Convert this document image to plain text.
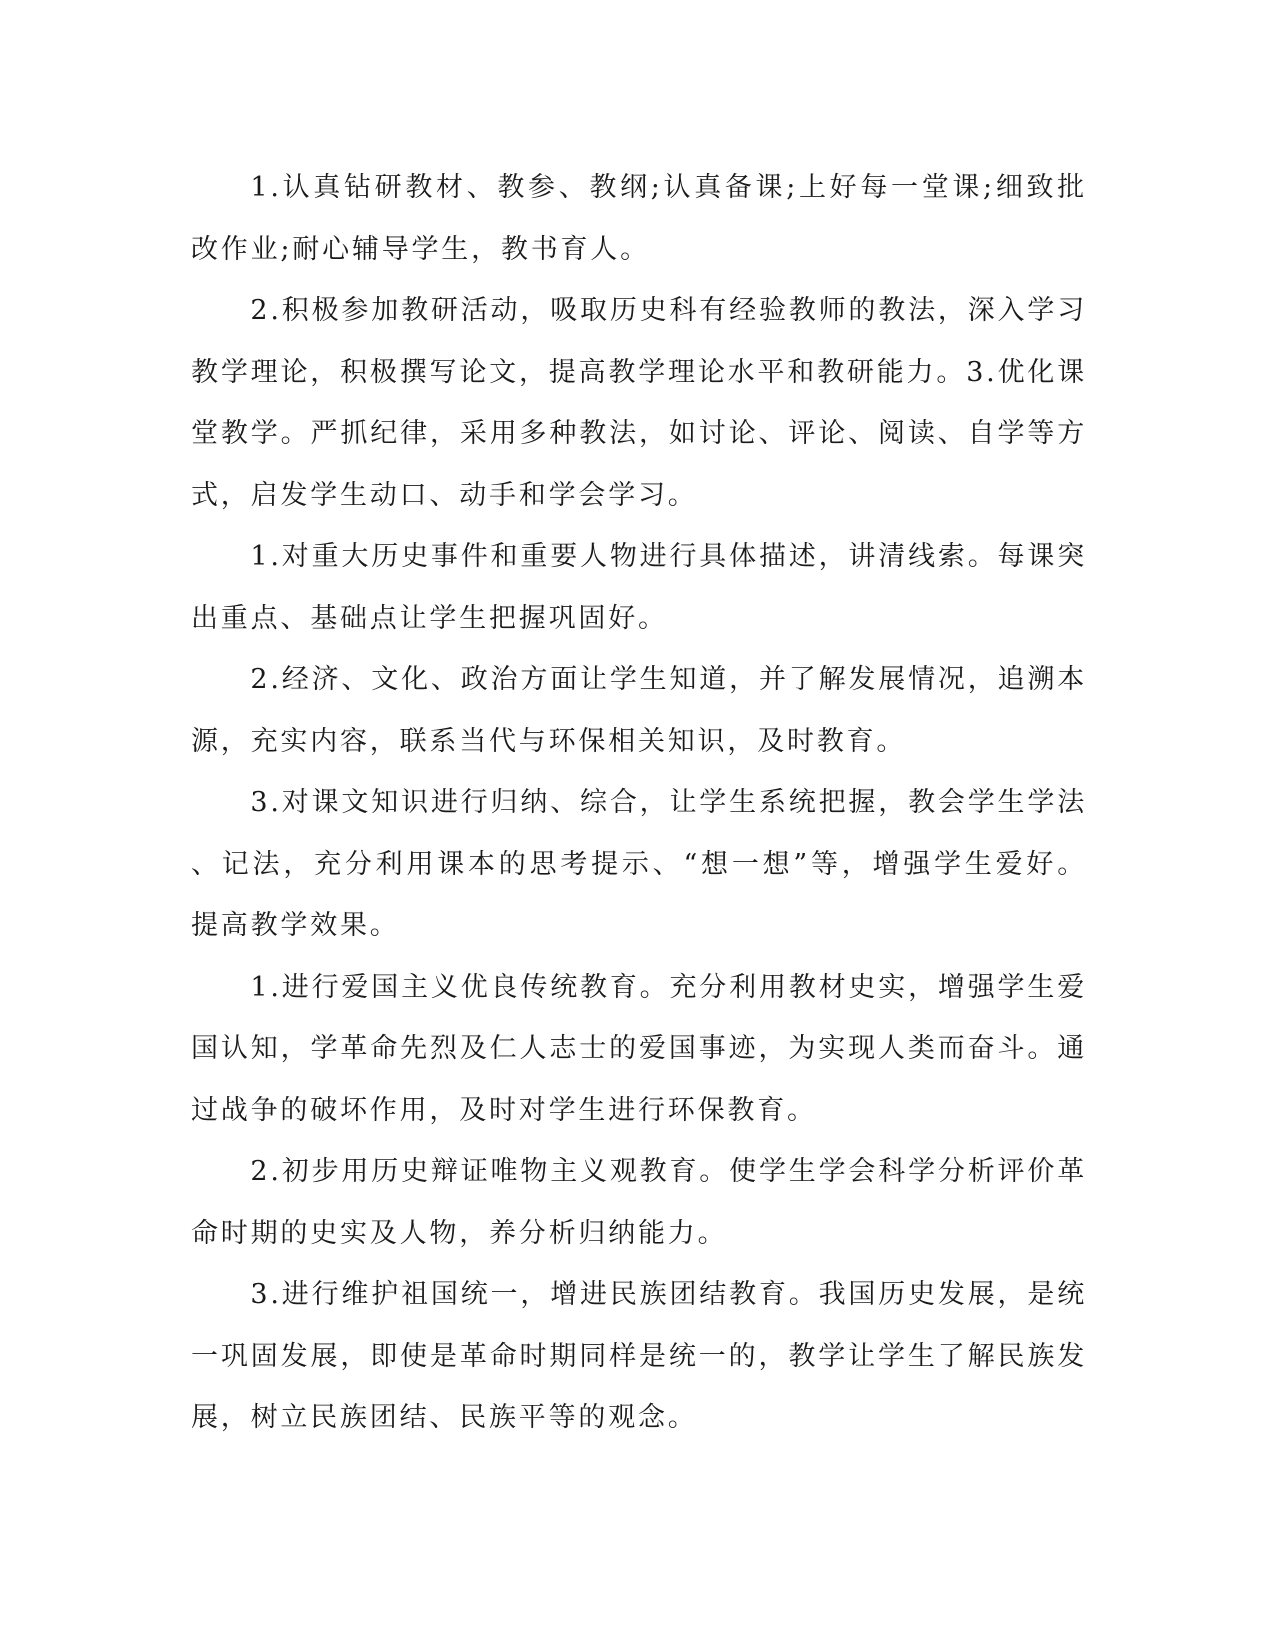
1.认真钻研教材、教参、教纲;认真备课;上好每一堂课;细致批改作业;耐心辅导学生，教书育人。

2.积极参加教研活动，吸取历史科有经验教师的教法，深入学习教学理论，积极撰写论文，提高教学理论水平和教研能力。3.优化课堂教学。严抓纪律，采用多种教法，如讨论、评论、阅读、自学等方式，启发学生动口、动手和学会学习。

1.对重大历史事件和重要人物进行具体描述，讲清线索。每课突出重点、基础点让学生把握巩固好。

2.经济、文化、政治方面让学生知道，并了解发展情况，追溯本源，充实内容，联系当代与环保相关知识，及时教育。

3.对课文知识进行归纳、综合，让学生系统把握，教会学生学法、记法，充分利用课本的思考提示、“想一想”等，增强学生爱好。提高教学效果。

1.进行爱国主义优良传统教育。充分利用教材史实，增强学生爱国认知，学革命先烈及仁人志士的爱国事迹，为实现人类而奋斗。通过战争的破坏作用，及时对学生进行环保教育。

2.初步用历史辩证唯物主义观教育。使学生学会科学分析评价革命时期的史实及人物，养分析归纳能力。

3.进行维护祖国统一，增进民族团结教育。我国历史发展，是统一巩固发展，即使是革命时期同样是统一的，教学让学生了解民族发展，树立民族团结、民族平等的观念。
